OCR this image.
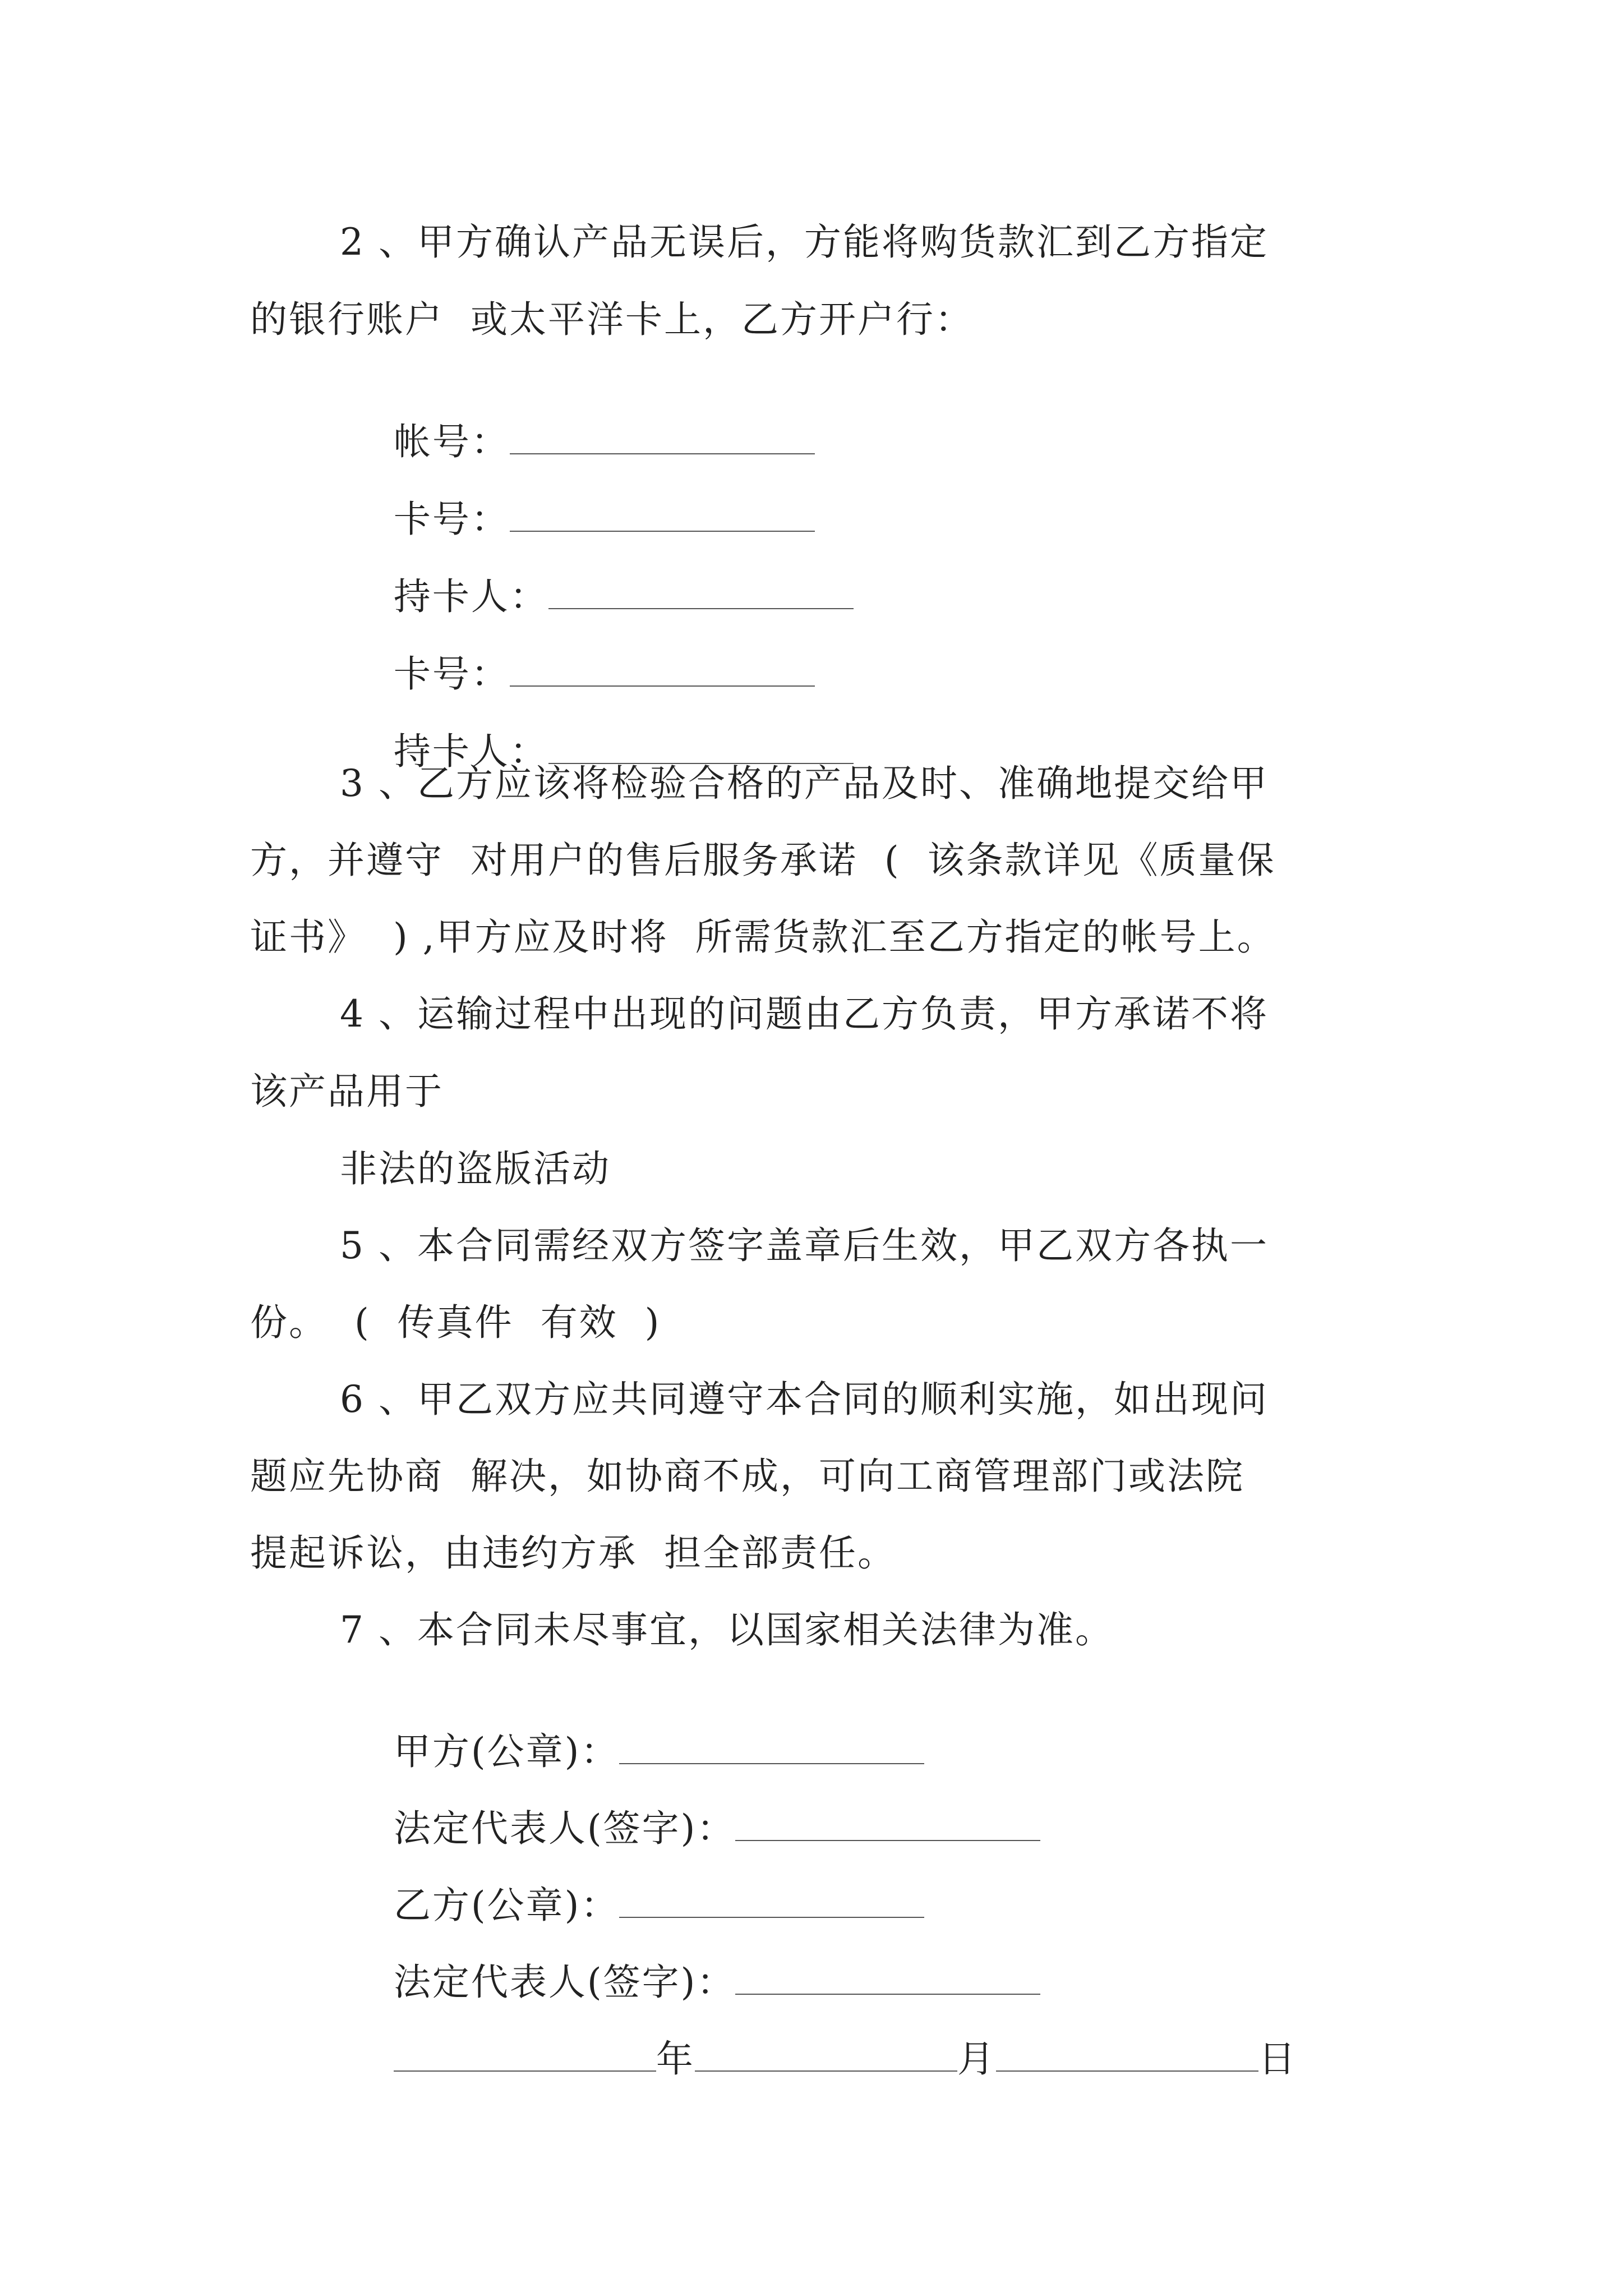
2 、甲方确认产品无误后，方能将购货款汇到乙方指定
的银行账户  或太平洋卡上，乙方开户行：

帐号：

卡号：

持卡人：

卡号：

持卡人：

3 、乙方应该将检验合格的产品及时、准确地提交给甲
方，并遵守  对用户的售后服务承诺  (  该条款详见《质量保
证书》  ) ,甲方应及时将  所需货款汇至乙方指定的帐号上。
4 、运输过程中出现的问题由乙方负责，甲方承诺不将
该产品用于
非法的盗版活动
5 、本合同需经双方签字盖章后生效，甲乙双方各执一
份。  (  传真件  有效  )
6 、甲乙双方应共同遵守本合同的顺利实施，如出现问
题应先协商  解决，如协商不成，可向工商管理部门或法院
提起诉讼，由违约方承  担全部责任。
7 、本合同未尽事宜，以国家相关法律为准。

甲方(公章)：

法定代表人(签字)：

乙方(公章)：

法定代表人(签字)：

年	月	日
